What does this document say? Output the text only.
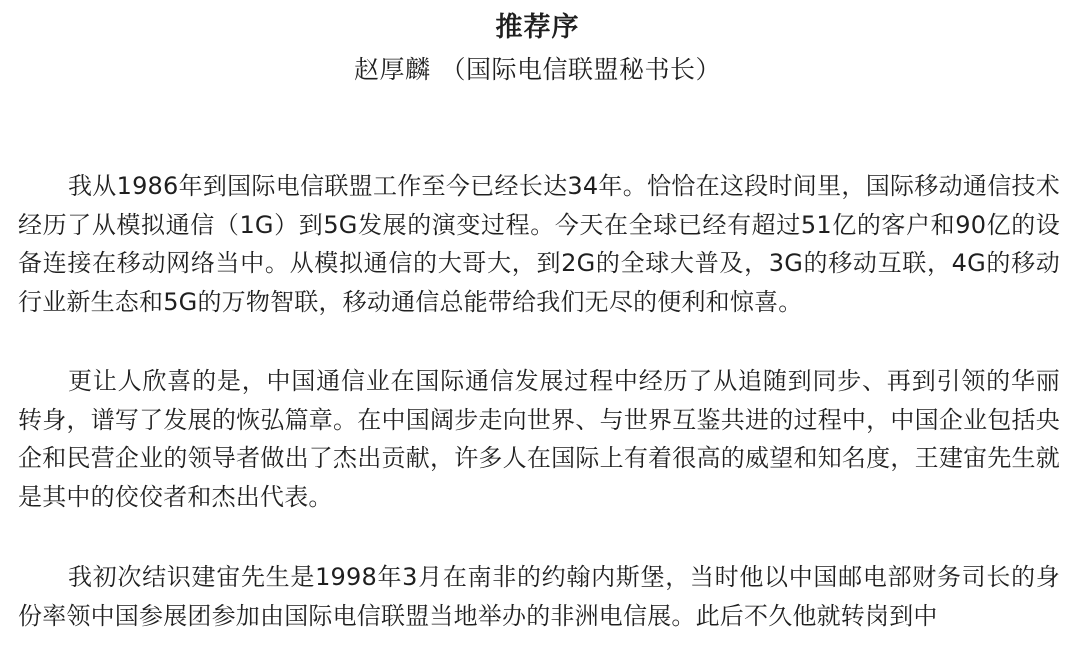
推荐序
赵厚麟 （国际电信联盟秘书长）

我从1986年到国际电信联盟工作至今已经长达34年。恰恰在这段时间里，国际移动通信技术经历了从模拟通信（1G）到5G发展的演变过程。今天在全球已经有超过51亿的客户和90亿的设备连接在移动网络当中。从模拟通信的大哥大，到2G的全球大普及，3G的移动互联，4G的移动行业新生态和5G的万物智联，移动通信总能带给我们无尽的便利和惊喜。

更让人欣喜的是，中国通信业在国际通信发展过程中经历了从追随到同步、再到引领的华丽转身，谱写了发展的恢弘篇章。在中国阔步走向世界、与世界互鉴共进的过程中，中国企业包括央企和民营企业的领导者做出了杰出贡献，许多人在国际上有着很高的威望和知名度，王建宙先生就是其中的佼佼者和杰出代表。

我初次结识建宙先生是1998年3月在南非的约翰内斯堡，当时他以中国邮电部财务司长的身份率领中国参展团参加由国际电信联盟当地举办的非洲电信展。此后不久他就转岗到中
